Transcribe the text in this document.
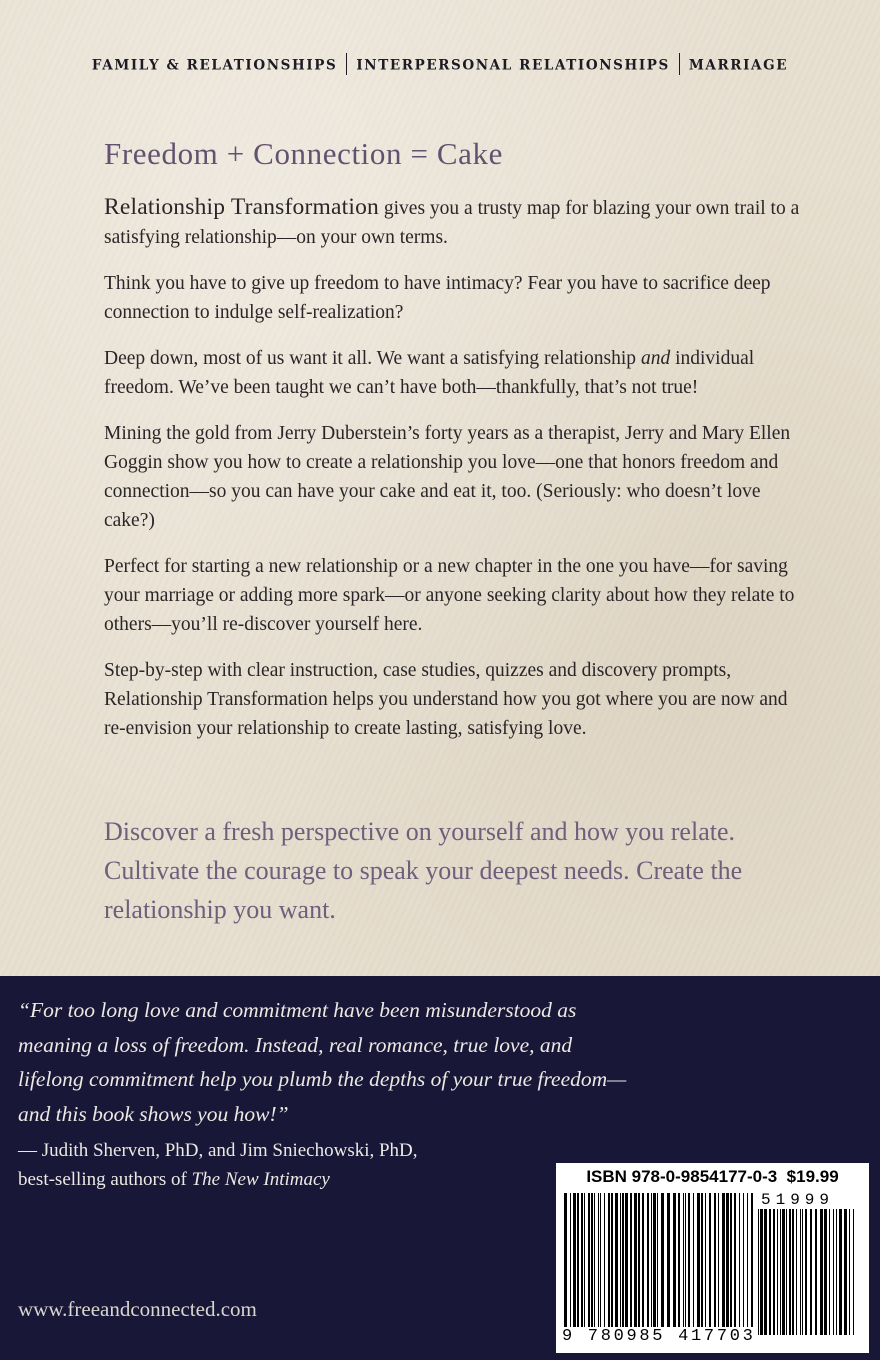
FAMILY & RELATIONSHIPS INTERPERSONAL RELATIONSHIPS MARRIAGE
Freedom + Connection = Cake

Relationship Transformation gives you a trusty map for blazing your own trail to a satisfying relationship—on your own terms.

Think you have to give up freedom to have intimacy? Fear you have to sacrifice deep connection to indulge self-realization?

Deep down, most of us want it all. We want a satisfying relationship and individual freedom. We’ve been taught we can’t have both—thankfully, that’s not true!

Mining the gold from Jerry Duberstein’s forty years as a therapist, Jerry and Mary Ellen Goggin show you how to create a relationship you love—one that honors freedom and connection—so you can have your cake and eat it, too. (Seriously: who doesn’t love cake?)

Perfect for starting a new relationship or a new chapter in the one you have—for saving your marriage or adding more spark—or anyone seeking clarity about how they relate to others—you’ll re-discover yourself here.

Step-by-step with clear instruction, case studies, quizzes and discovery prompts, Relationship Transformation helps you understand how you got where you are now and re-envision your relationship to create lasting, satisfying love.

Discover a fresh perspective on yourself and how you relate. Cultivate the courage to speak your deepest needs. Create the relationship you want.

“For too long love and commitment have been misunderstood as meaning a loss of freedom. Instead, real romance, true love, and lifelong commitment help you plumb the depths of your true freedom—and this book shows you how!”

— Judith Sherven, PhD, and Jim Sniechowski, PhD,
best-selling authors of The New Intimacy

www.freeandconnected.com

ISBN 978-0-9854177-0-3 $19.99
51999
9 780985 417703
